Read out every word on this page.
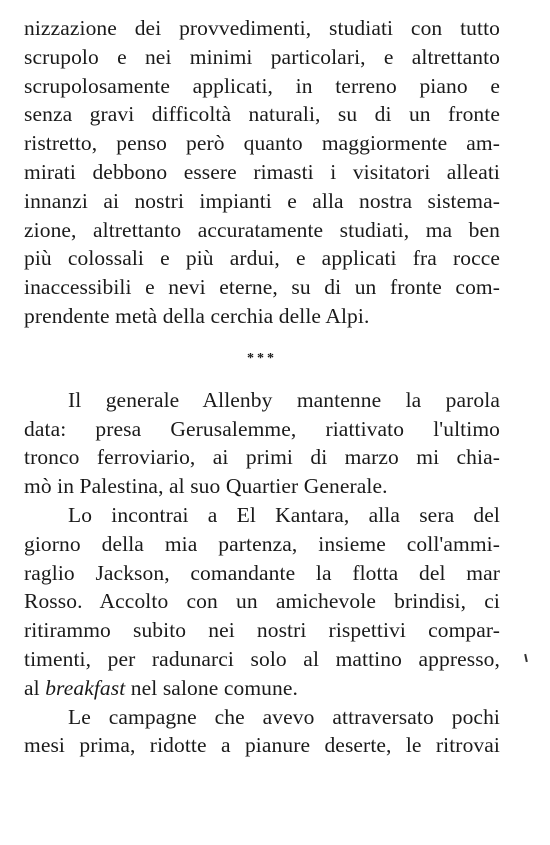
nizzazione dei provvedimenti, studiati con tutto
scrupolo e nei minimi particolari, e altrettanto
scrupolosamente applicati, in terreno piano e
senza gravi difficoltà naturali, su di un fronte
ristretto, penso però quanto maggiormente am-
mirati debbono essere rimasti i visitatori alleati
innanzi ai nostri impianti e alla nostra sistema-
zione, altrettanto accuratamente studiati, ma ben
più colossali e più ardui, e applicati fra rocce
inaccessibili e nevi eterne, su di un fronte com-
prendente metà della cerchia delle Alpi.
***
Il generale Allenby mantenne la parola
data: presa Gerusalemme, riattivato l'ultimo
tronco ferroviario, ai primi di marzo mi chia-
mò in Palestina, al suo Quartier Generale.
Lo incontrai a El Kantara, alla sera del
giorno della mia partenza, insieme coll'ammi-
raglio Jackson, comandante la flotta del mar
Rosso. Accolto con un amichevole brindisi, ci
ritirammo subito nei nostri rispettivi compar-
timenti, per radunarci solo al mattino appresso,
al breakfast nel salone comune.
Le campagne che avevo attraversato pochi
mesi prima, ridotte a pianure deserte, le ritrovai
